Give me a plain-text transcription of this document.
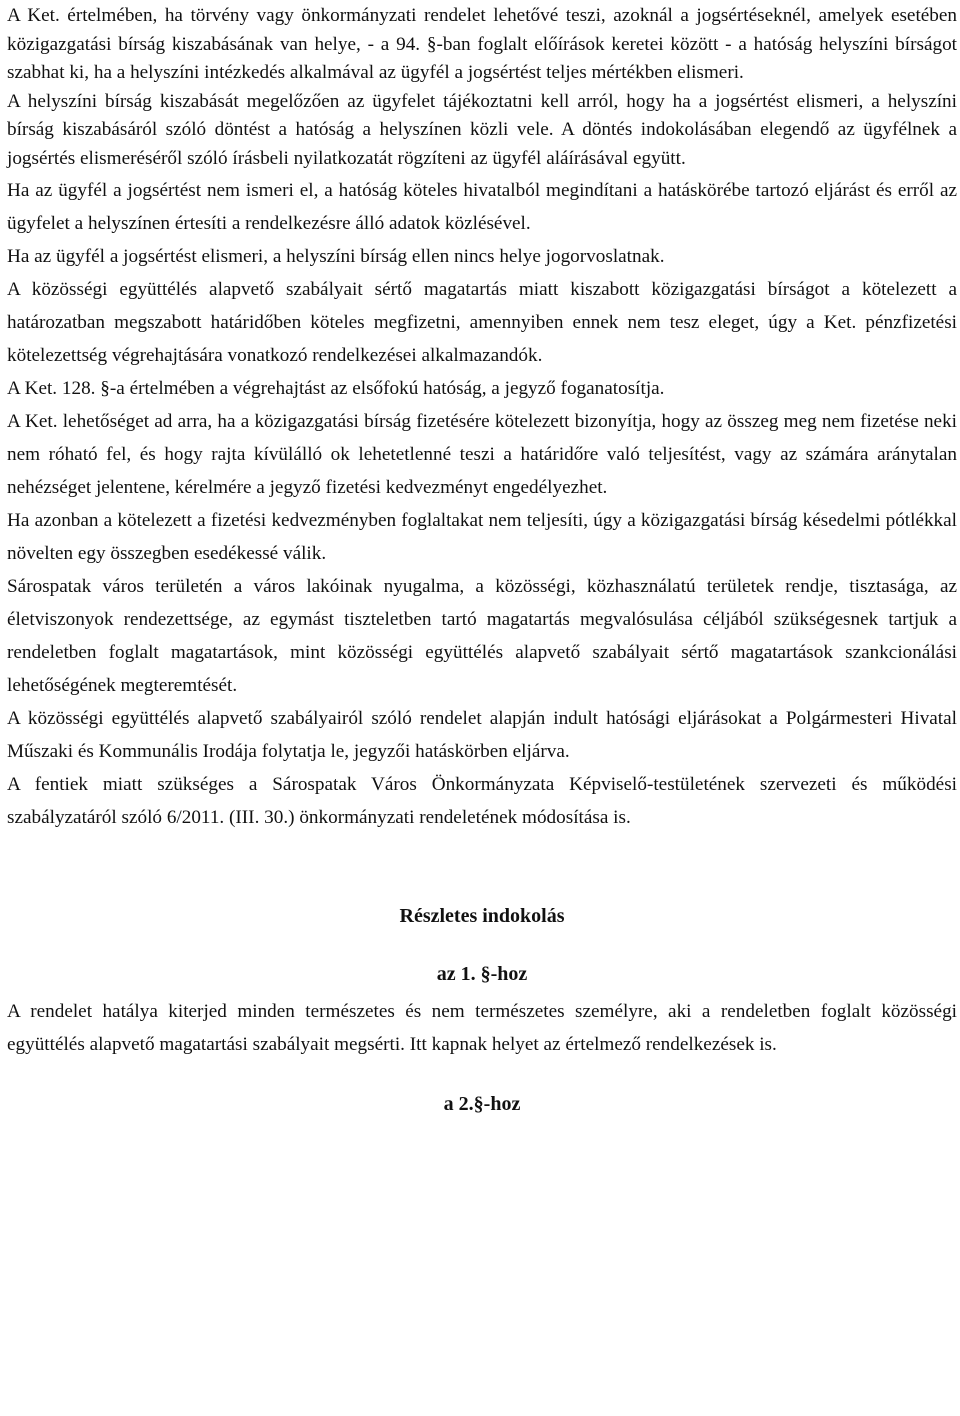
A Ket. értelmében, ha törvény vagy önkormányzati rendelet lehetővé teszi, azoknál a jogsértéseknél, amelyek esetében közigazgatási bírság kiszabásának van helye, - a 94. §-ban foglalt előírások keretei között - a hatóság helyszíni bírságot szabhat ki, ha a helyszíni intézkedés alkalmával az ügyfél a jogsértést teljes mértékben elismeri.

A helyszíni bírság kiszabását megelőzően az ügyfelet tájékoztatni kell arról, hogy ha a jogsértést elismeri, a helyszíni bírság kiszabásáról szóló döntést a hatóság a helyszínen közli vele. A döntés indokolásában elegendő az ügyfélnek a jogsértés elismeréséről szóló írásbeli nyilatkozatát rögzíteni az ügyfél aláírásával együtt.

Ha az ügyfél a jogsértést nem ismeri el, a hatóság köteles hivatalból megindítani a hatáskörébe tartozó eljárást és erről az ügyfelet a helyszínen értesíti a rendelkezésre álló adatok közlésével.

Ha az ügyfél a jogsértést elismeri, a helyszíni bírság ellen nincs helye jogorvoslatnak.

A közösségi együttélés alapvető szabályait sértő magatartás miatt kiszabott közigazgatási bírságot a kötelezett a határozatban megszabott határidőben köteles megfizetni, amennyiben ennek nem tesz eleget, úgy a Ket. pénzfizetési kötelezettség végrehajtására vonatkozó rendelkezései alkalmazandók.

A Ket. 128. §-a értelmében a végrehajtást az elsőfokú hatóság, a jegyző foganatosítja.

A Ket. lehetőséget ad arra, ha a közigazgatási bírság fizetésére kötelezett bizonyítja, hogy az összeg meg nem fizetése neki nem róható fel, és hogy rajta kívülálló ok lehetetlenné teszi a határidőre való teljesítést, vagy az számára aránytalan nehézséget jelentene, kérelmére a jegyző fizetési kedvezményt engedélyezhet.

Ha azonban a kötelezett a fizetési kedvezményben foglaltakat nem teljesíti, úgy a közigazgatási bírság késedelmi pótlékkal növelten egy összegben esedékessé válik.

Sárospatak város területén a város lakóinak nyugalma, a közösségi, közhasználatú területek rendje, tisztasága, az életviszonyok rendezettsége, az egymást tiszteletben tartó magatartás megvalósulása céljából szükségesnek tartjuk a rendeletben foglalt magatartások, mint közösségi együttélés alapvető szabályait sértő magatartások szankcionálási lehetőségének megteremtését.

A közösségi együttélés alapvető szabályairól szóló rendelet alapján indult hatósági eljárásokat a Polgármesteri Hivatal Műszaki és Kommunális Irodája folytatja le, jegyzői hatáskörben eljárva.

A fentiek miatt szükséges a Sárospatak Város Önkormányzata Képviselő-testületének szervezeti és működési szabályzatáról szóló 6/2011. (III. 30.) önkormányzati rendeletének módosítása is.

Részletes indokolás
az 1. §-hoz

A rendelet hatálya kiterjed minden természetes és nem természetes személyre, aki a rendeletben foglalt közösségi együttélés alapvető magatartási szabályait megsérti. Itt kapnak helyet az értelmező rendelkezések is.

a 2.§-hoz
